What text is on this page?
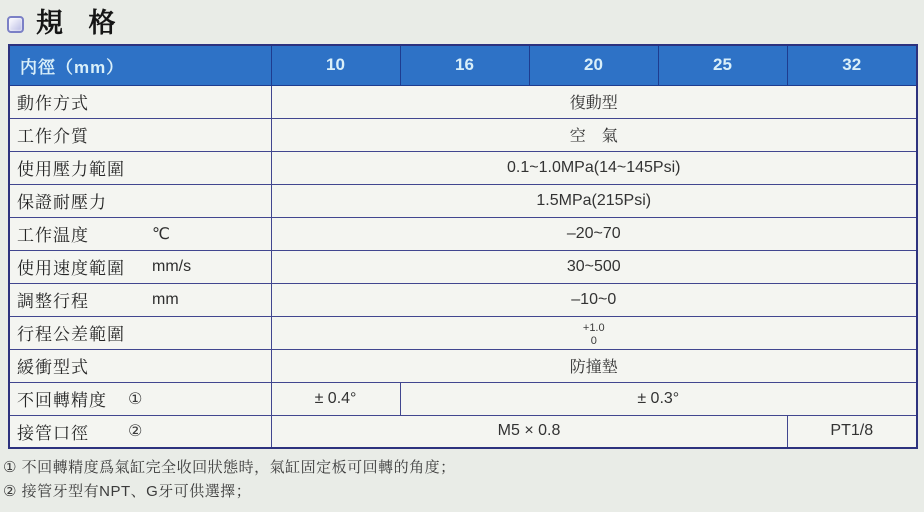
規 格
内徑（mm）	10	16	20	25	32
動作方式	復動型				
工作介質	空　氣				
使用壓力範圍	0.1~1.0MPa(14~145Psi)				
保證耐壓力	1.5MPa(215Psi)				
工作温度 ℃	–20~70				
使用速度範圍 mm/s	30~500				
調整行程 mm	–10~0				
行程公差範圍	+1.0
0				

緩衝型式	防撞墊				
不回轉精度 ①	± 0.4°	± 0.3°			
接管口徑 ②	M5 × 0.8				PT1/8
① 不回轉精度爲氣缸完全收回狀態時，氣缸固定板可回轉的角度；
② 接管牙型有NPT、G牙可供選擇；
